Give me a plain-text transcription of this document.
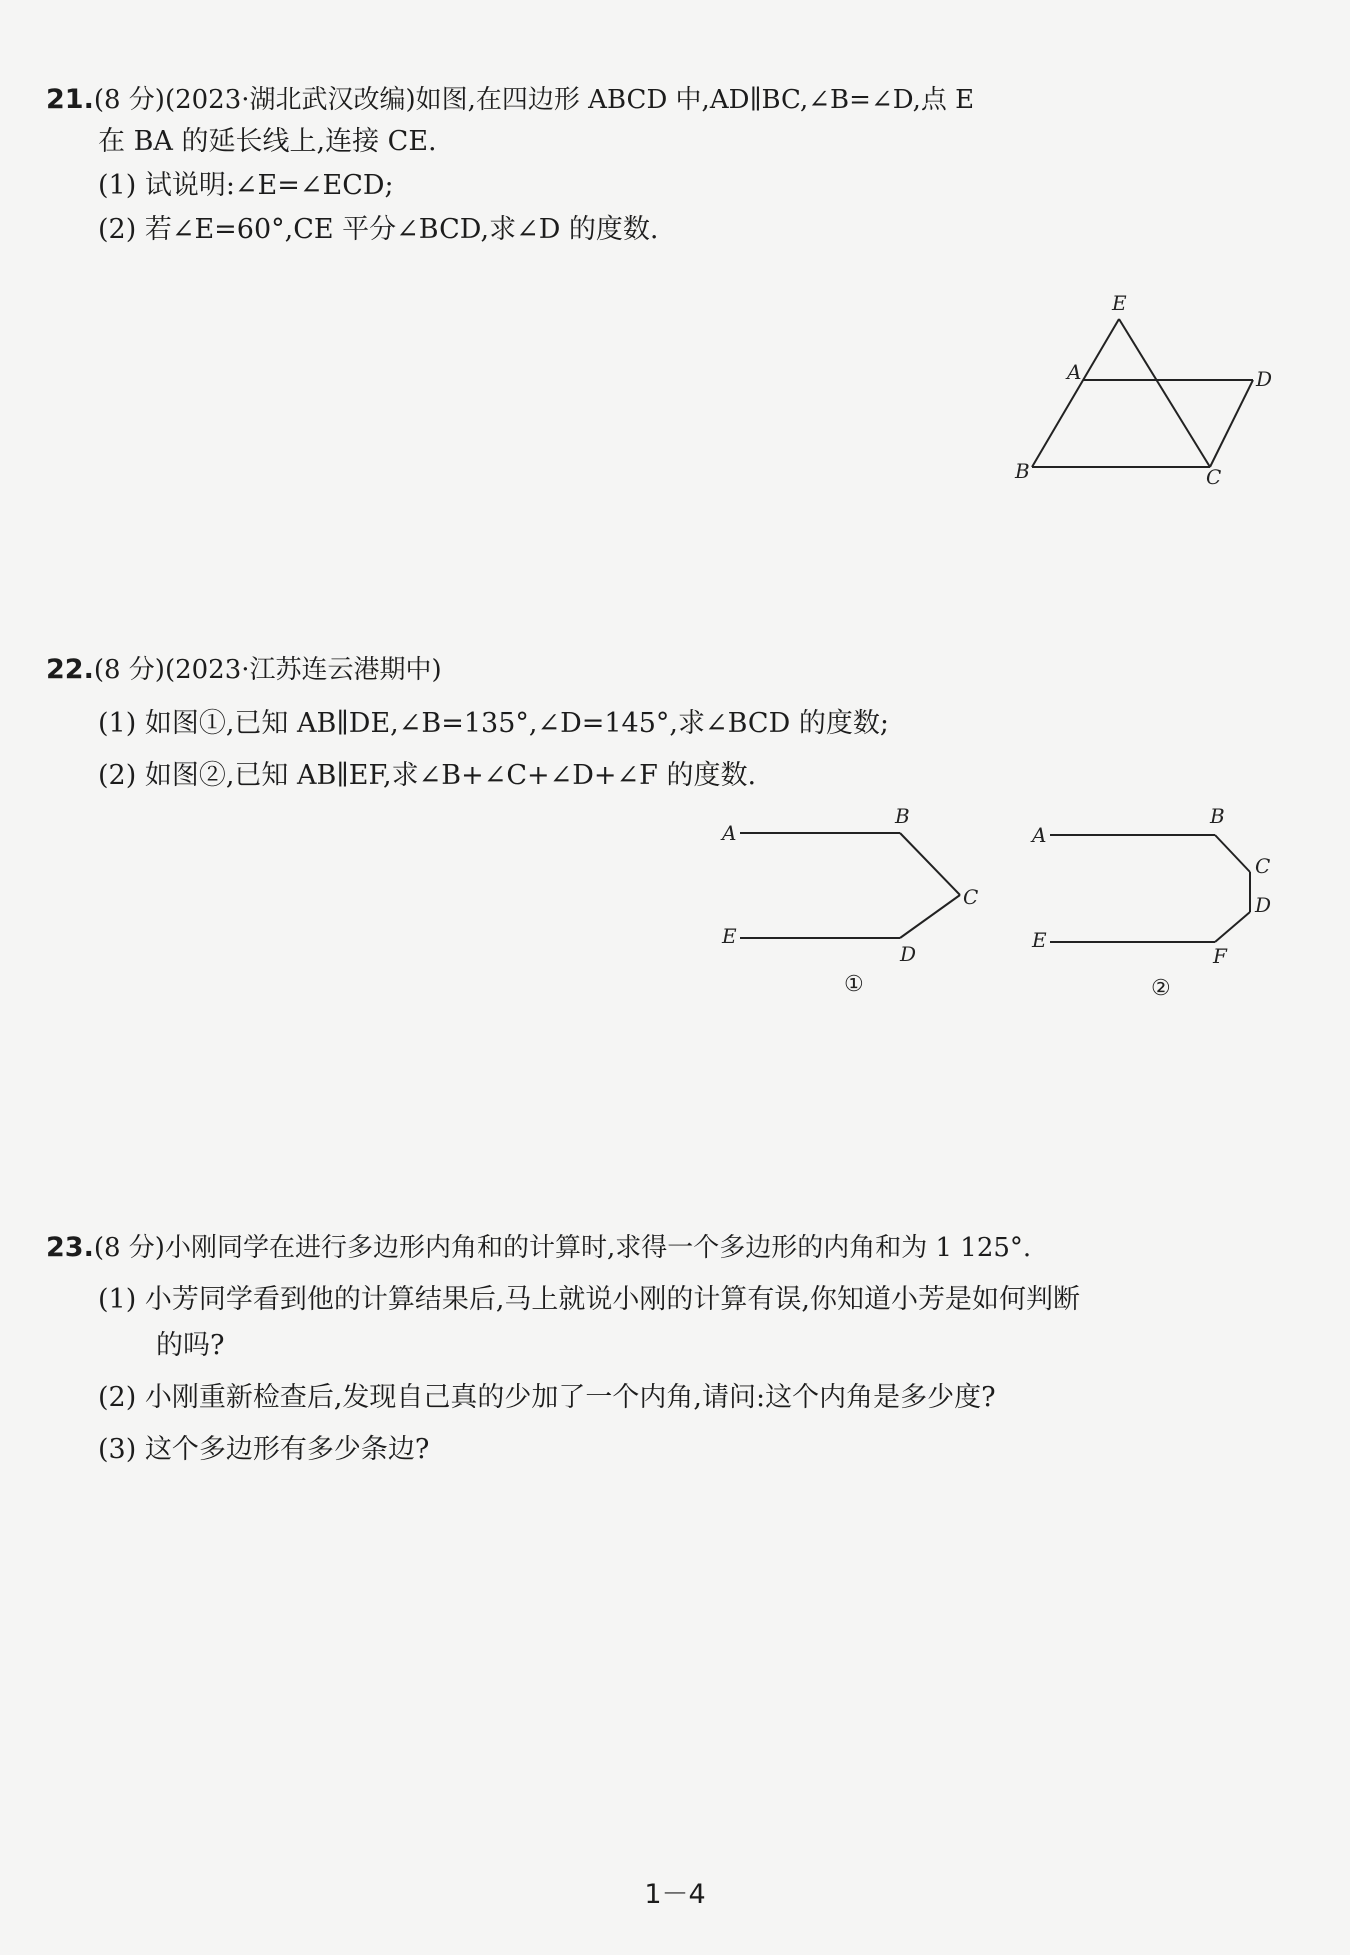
21.(8 分)(2023·湖北武汉改编)如图,在四边形 ABCD 中,AD∥BC,∠B=∠D,点 E
在 BA 的延长线上,连接 CE.
(1) 试说明:∠E=∠ECD;
(2) 若∠E=60°,CE 平分∠BCD,求∠D 的度数.
E
A	D
B	C
22.(8 分)(2023·江苏连云港期中)
(1) 如图①,已知 AB∥DE,∠B=135°,∠D=145°,求∠BCD 的度数;
(2) 如图②,已知 AB∥EF,求∠B+∠C+∠D+∠F 的度数.
A
B
C
E
D
①
A
B
C
D
E
F
②
23.(8 分)小刚同学在进行多边形内角和的计算时,求得一个多边形的内角和为 1 125°.
(1) 小芳同学看到他的计算结果后,马上就说小刚的计算有误,你知道小芳是如何判断
的吗?
(2) 小刚重新检查后,发现自己真的少加了一个内角,请问:这个内角是多少度?
(3) 这个多边形有多少条边?
1－4
